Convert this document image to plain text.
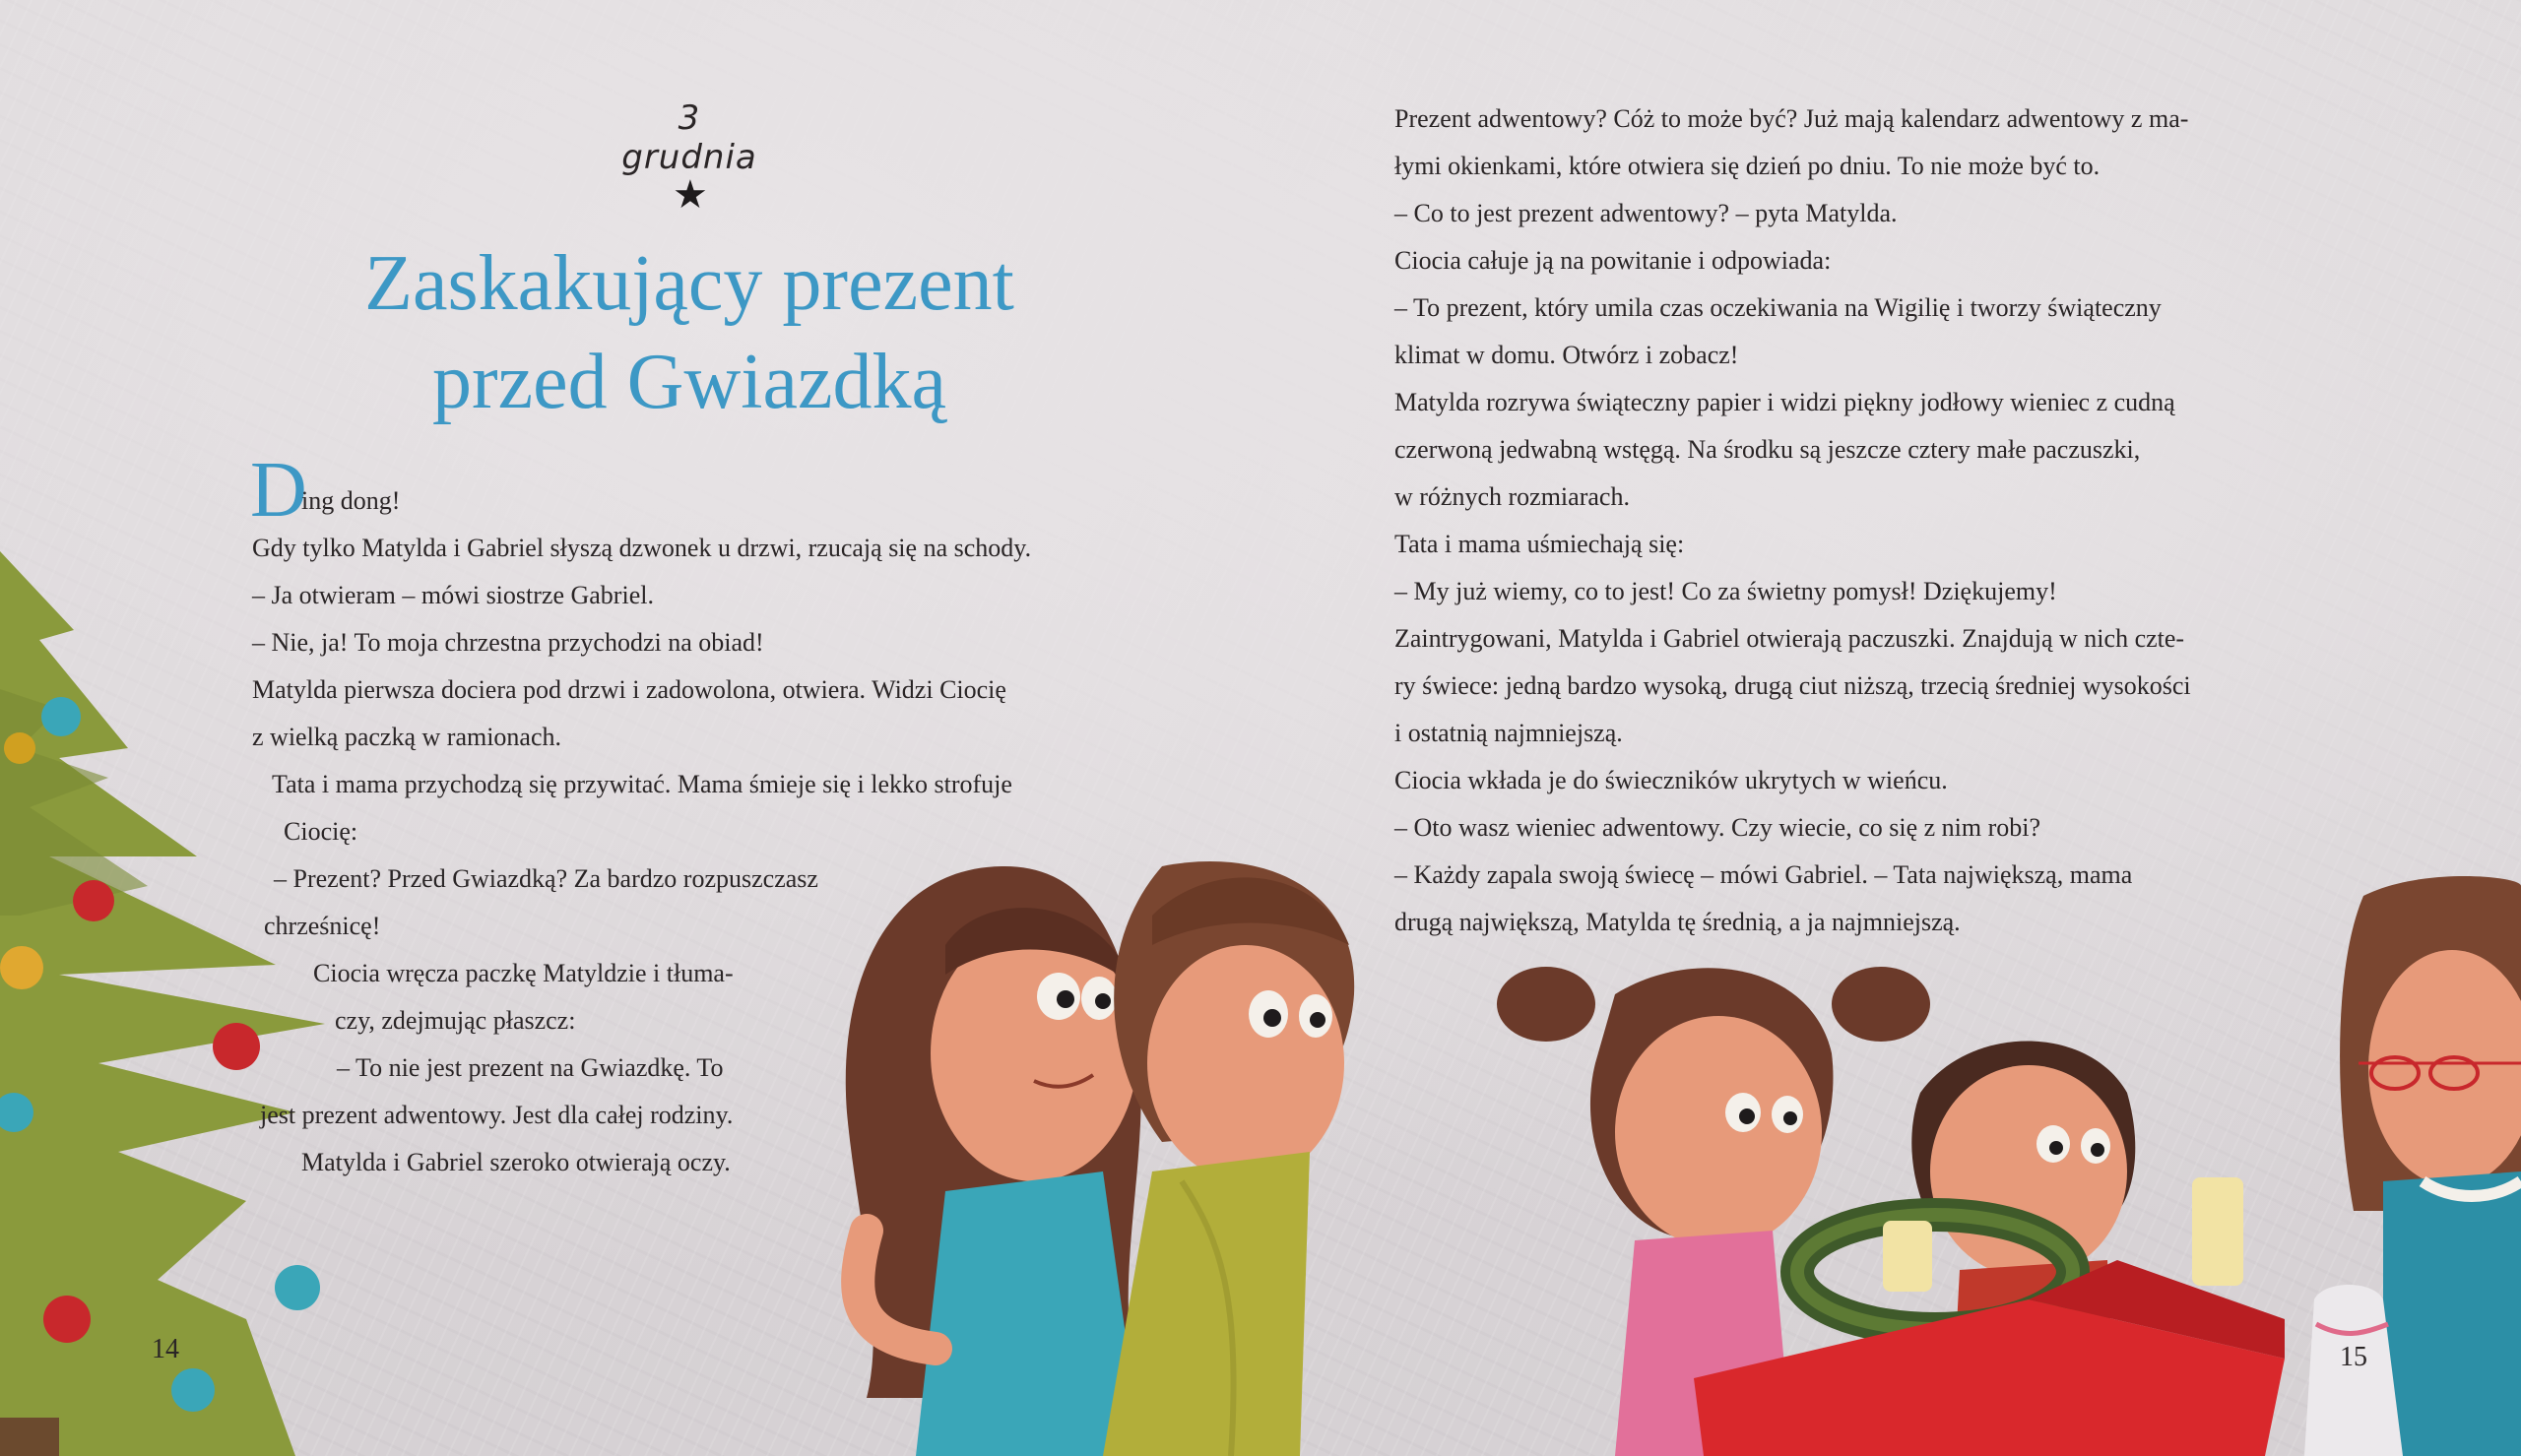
3 grudnia
★
Zaskakujący prezent
przed Gwiazdką
D
ing dong!
Gdy tylko Matylda i Gabriel słyszą dzwonek u drzwi, rzucają się na schody.
– Ja otwieram – mówi siostrze Gabriel.
– Nie, ja! To moja chrzestna przychodzi na obiad!
Matylda pierwsza dociera pod drzwi i zadowolona, otwiera. Widzi Ciocię
z wielką paczką w ramionach.
Tata i mama przychodzą się przywitać. Mama śmieje się i lekko strofuje
Ciocię:
– Prezent? Przed Gwiazdką? Za bardzo rozpuszczasz
chrześnicę!
Ciocia wręcza paczkę Matyldzie i tłuma-
czy, zdejmując płaszcz:
– To nie jest prezent na Gwiazdkę. To
jest prezent adwentowy. Jest dla całej rodziny.
Matylda i Gabriel szeroko otwierają oczy.
14
Prezent adwentowy? Cóż to może być? Już mają kalendarz adwentowy z ma-
łymi okienkami, które otwiera się dzień po dniu. To nie może być to.
– Co to jest prezent adwentowy? – pyta Matylda.
Ciocia całuje ją na powitanie i odpowiada:
– To prezent, który umila czas oczekiwania na Wigilię i tworzy świąteczny
klimat w domu. Otwórz i zobacz!
Matylda rozrywa świąteczny papier i widzi piękny jodłowy wieniec z cudną
czerwoną jedwabną wstęgą. Na środku są jeszcze cztery małe paczuszki,
w różnych rozmiarach.
Tata i mama uśmiechają się:
– My już wiemy, co to jest! Co za świetny pomysł! Dziękujemy!
Zaintrygowani, Matylda i Gabriel otwierają paczuszki. Znajdują w nich czte-
ry świece: jedną bardzo wysoką, drugą ciut niższą, trzecią średniej wysokości
i ostatnią najmniejszą.
Ciocia wkłada je do świeczników ukrytych w wieńcu.
– Oto wasz wieniec adwentowy. Czy wiecie, co się z nim robi?
– Każdy zapala swoją świecę – mówi Gabriel. – Tata największą, mama
drugą największą, Matylda tę średnią, a ja najmniejszą.
15
